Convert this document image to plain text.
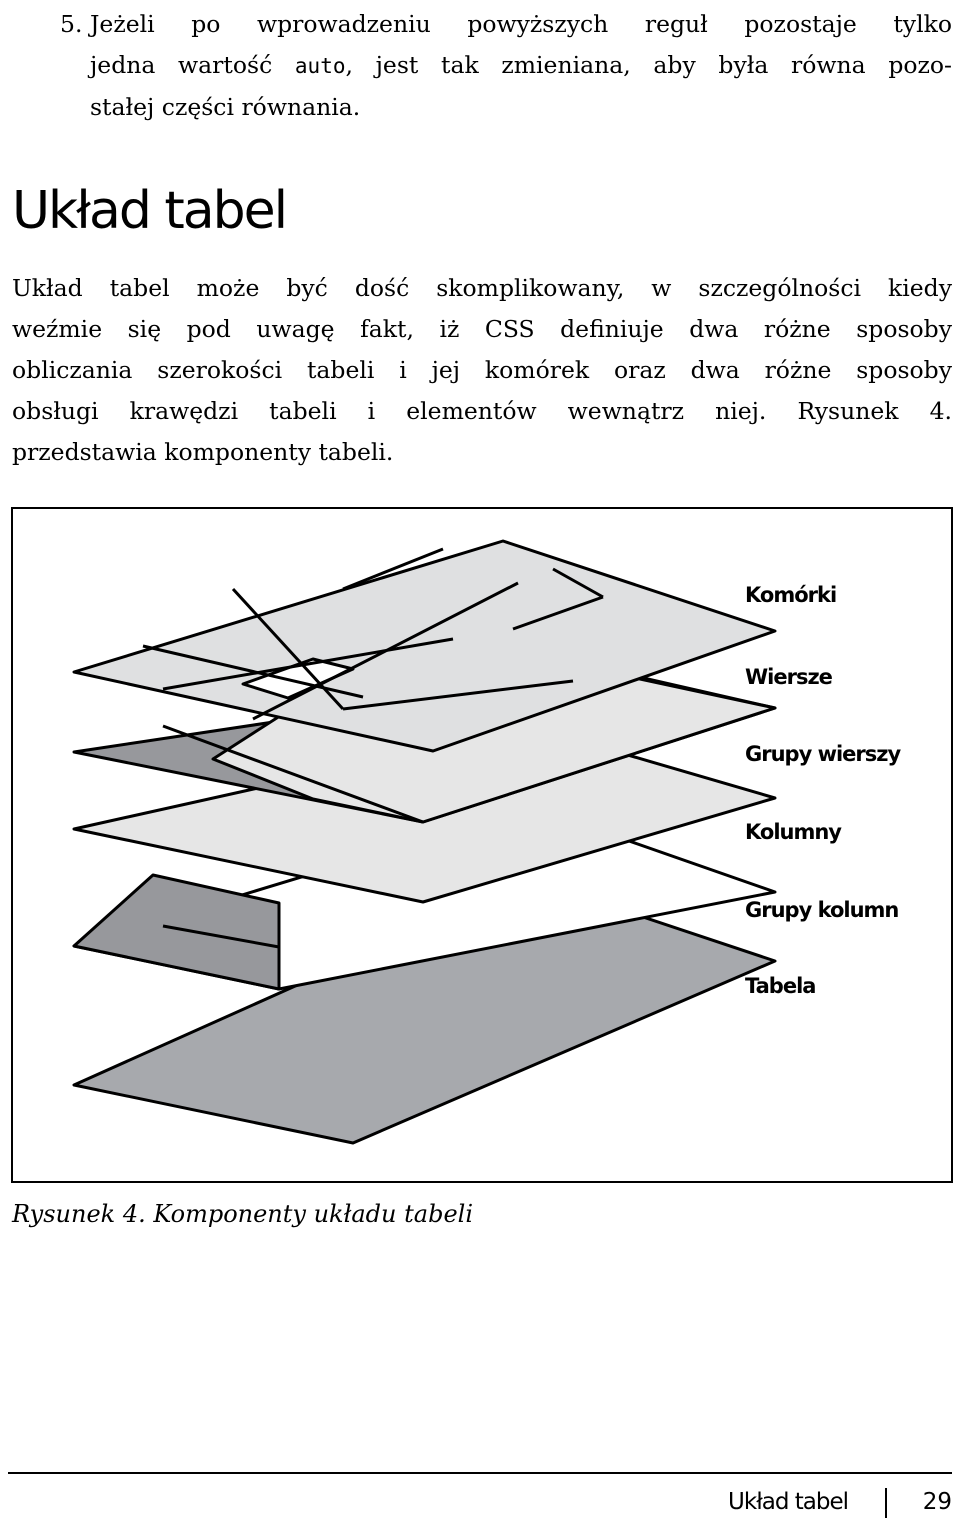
5. Jeżeli po wprowadzeniu powyższych reguł pozostaje tylko
jedna wartość auto, jest tak zmieniana, aby była równa pozo-
stałej części równania.
Układ tabel
Układ tabel może być dość skomplikowany, w szczególności kiedy
weźmie się pod uwagę fakt, iż CSS definiuje dwa różne sposoby
obliczania szerokości tabeli i jej komórek oraz dwa różne sposoby
obsługi krawędzi tabeli i elementów wewnątrz niej. Rysunek 4.
przedstawia komponenty tabeli.
Komórki
Wiersze
Grupy wierszy
Kolumny
Grupy kolumn
Tabela
Rysunek 4. Komponenty układu tabeli
Układ tabel	29
